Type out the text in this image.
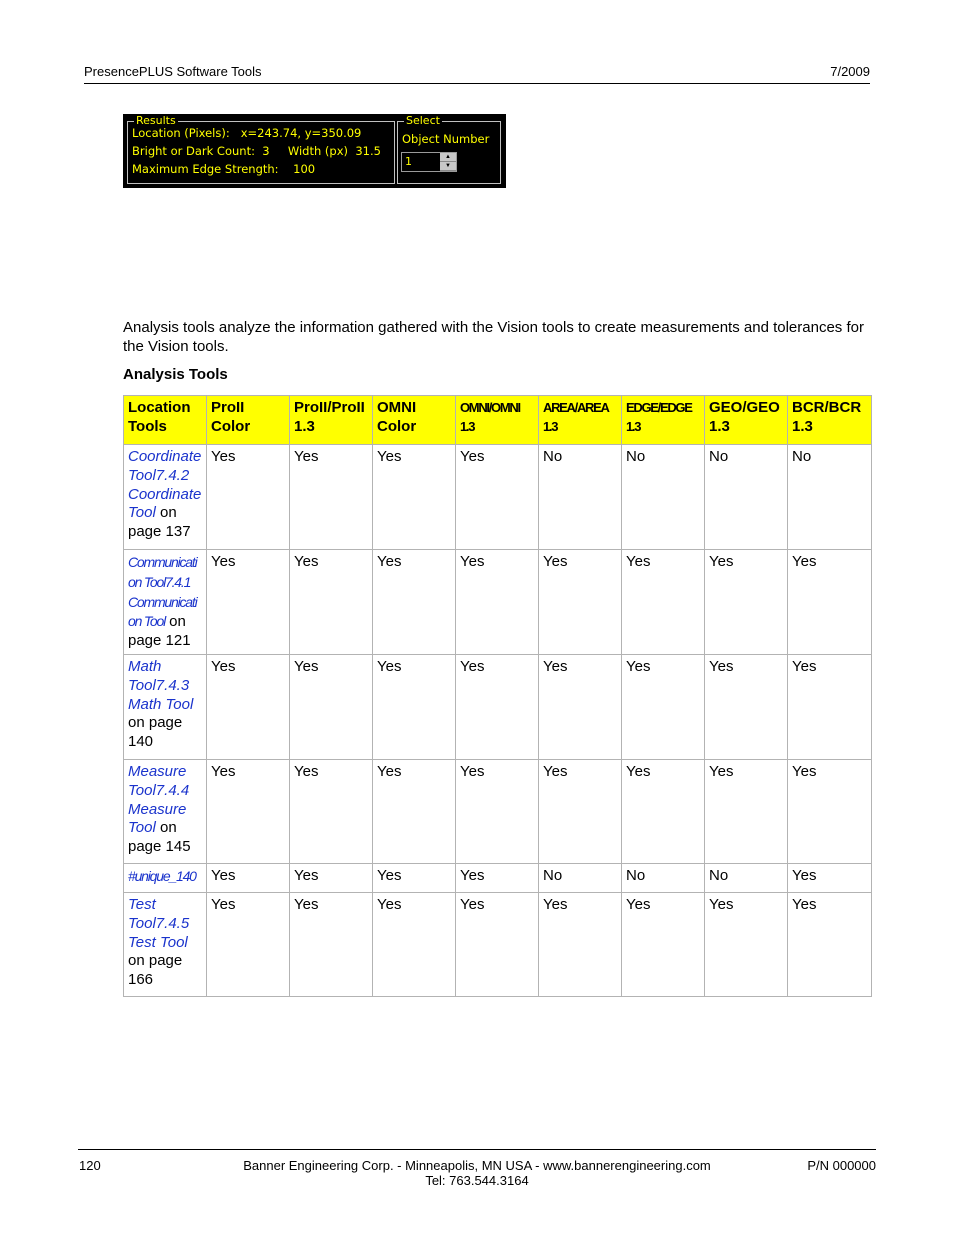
PresencePLUS Software Tools	7/2009
Results
Location (Pixels):   x=243.74, y=350.09
Bright or Dark Count:  3     Width (px)  31.5
Maximum Edge Strength:    100
Select
Object Number
1	▲
▼
Analysis tools analyze the information gathered with the Vision tools to create measurements and tolerances for the Vision tools.
Analysis Tools
Location Tools	ProII Color	ProII/ProII 1.3	OMNI Color	OMNI/OMNI 1.3	AREA/AREA 1.3	EDGE/EDGE 1.3	GEO/GEO 1.3	BCR/BCR 1.3
Coordinate Tool7.4.2 Coordinate Tool on page 137	Yes	Yes	Yes	Yes	No	No	No	No
Communication Tool7.4.1 Communication Tool on page 121	Yes	Yes	Yes	Yes	Yes	Yes	Yes	Yes
Math Tool7.4.3 Math Tool on page 140	Yes	Yes	Yes	Yes	Yes	Yes	Yes	Yes
Measure Tool7.4.4 Measure Tool on page 145	Yes	Yes	Yes	Yes	Yes	Yes	Yes	Yes
#unique_140	Yes	Yes	Yes	Yes	No	No	No	Yes
Test Tool7.4.5 Test Tool on page 166	Yes	Yes	Yes	Yes	Yes	Yes	Yes	Yes
120	Banner Engineering Corp. - Minneapolis, MN USA - www.bannerengineering.com
Tel: 763.544.3164
P/N 000000
